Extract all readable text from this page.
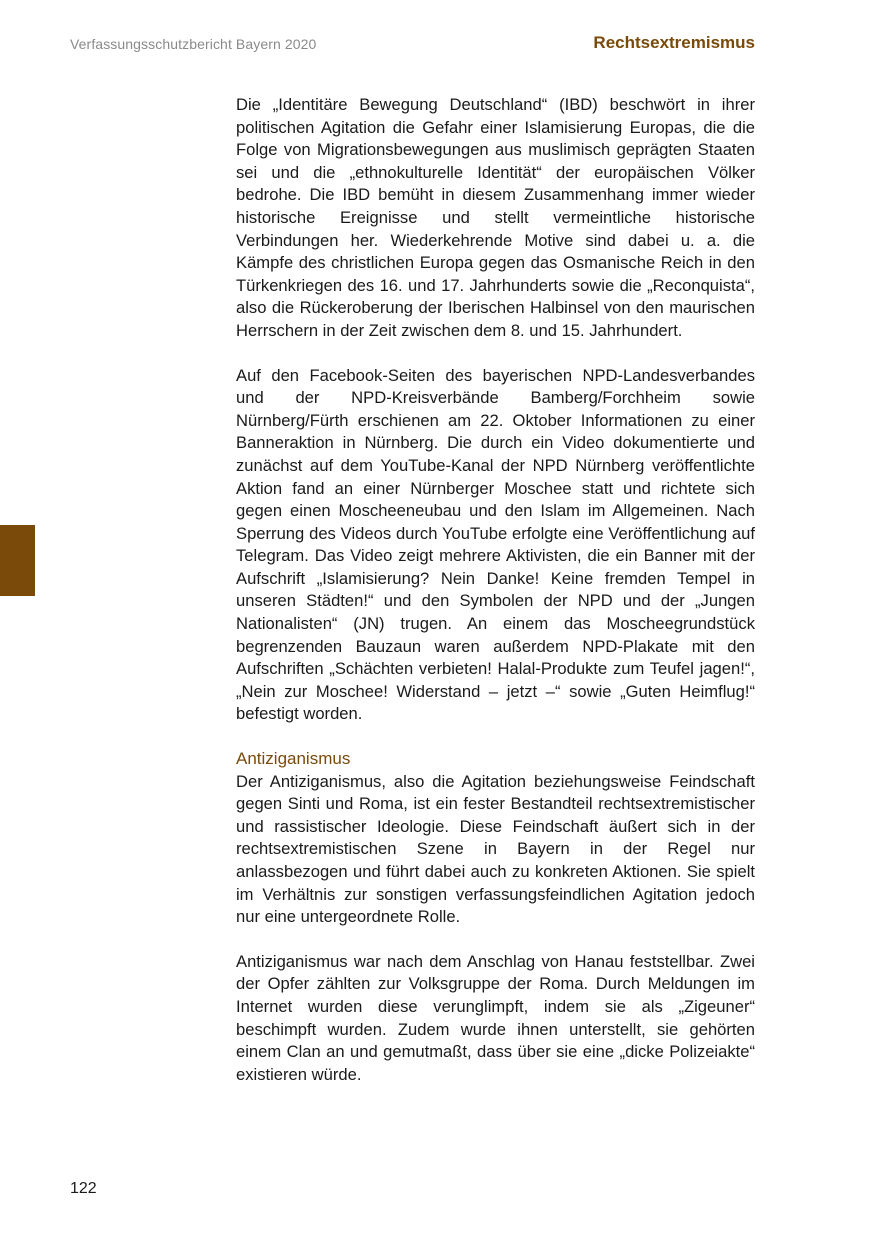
Verfassungsschutzbericht Bayern 2020	Rechtsextremismus

Die „Identitäre Bewegung Deutschland“ (IBD) beschwört in ihrer politischen Agitation die Gefahr einer Islamisierung Europas, die die Folge von Migrationsbewegungen aus muslimisch geprägten Staaten sei und die „ethnokulturelle Identität“ der europäischen Völker bedrohe. Die IBD bemüht in diesem Zusammenhang immer wieder historische Ereignisse und stellt vermeintliche historische Verbindungen her. Wiederkehrende Motive sind dabei u. a. die Kämpfe des christlichen Europa gegen das Osmanische Reich in den Türkenkriegen des 16. und 17. Jahrhunderts sowie die „Reconquista“, also die Rückeroberung der Iberischen Halbinsel von den maurischen Herrschern in der Zeit zwischen dem 8. und 15. Jahrhundert.

Auf den Facebook-Seiten des bayerischen NPD-Landesverbandes und der NPD-Kreisverbände Bamberg/Forchheim sowie Nürnberg/Fürth erschienen am 22. Oktober Informationen zu einer Banneraktion in Nürnberg. Die durch ein Video dokumentierte und zunächst auf dem YouTube-Kanal der NPD Nürnberg veröffentlichte Aktion fand an einer Nürnberger Moschee statt und richtete sich gegen einen Moscheeneubau und den Islam im Allgemeinen. Nach Sperrung des Videos durch YouTube erfolgte eine Veröffentlichung auf Telegram. Das Video zeigt mehrere Aktivisten, die ein Banner mit der Aufschrift „Islamisierung? Nein Danke! Keine fremden Tempel in unseren Städten!“ und den Symbolen der NPD und der „Jungen Nationalisten“ (JN) trugen. An einem das Moscheegrundstück begrenzenden Bauzaun waren außerdem NPD-Plakate mit den Aufschriften „Schächten verbieten! Halal-Produkte zum Teufel jagen!“, „Nein zur Moschee! Widerstand – jetzt –“ sowie „Guten Heimflug!“ befestigt worden.

Antiziganismus

Der Antiziganismus, also die Agitation beziehungsweise Feindschaft gegen Sinti und Roma, ist ein fester Bestandteil rechtsextremistischer und rassistischer Ideologie. Diese Feindschaft äußert sich in der rechtsextremistischen Szene in Bayern in der Regel nur anlassbezogen und führt dabei auch zu konkreten Aktionen. Sie spielt im Verhältnis zur sonstigen verfassungsfeindlichen Agitation jedoch nur eine untergeordnete Rolle.

Antiziganismus war nach dem Anschlag von Hanau feststellbar. Zwei der Opfer zählten zur Volksgruppe der Roma. Durch Meldungen im Internet wurden diese verunglimpft, indem sie als „Zigeuner“ beschimpft wurden. Zudem wurde ihnen unterstellt, sie gehörten einem Clan an und gemutmaßt, dass über sie eine „dicke Polizeiakte“ existieren würde.

122
